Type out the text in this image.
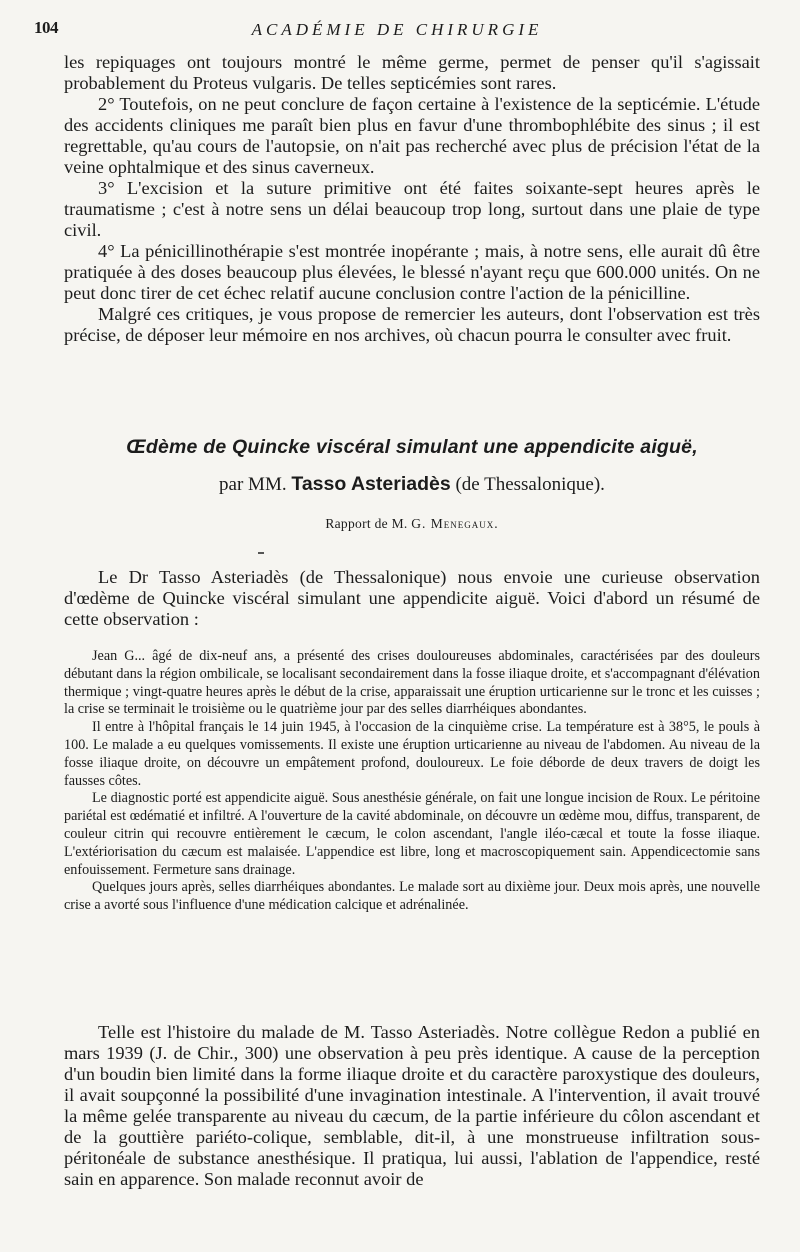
104	ACADÉMIE DE CHIRURGIE

les repiquages ont toujours montré le même germe, permet de penser qu'il s'agissait probablement du Proteus vulgaris. De telles septicémies sont rares.

2° Toutefois, on ne peut conclure de façon certaine à l'existence de la septicémie. L'étude des accidents cliniques me paraît bien plus en favur d'une thrombophlébite des sinus ; il est regrettable, qu'au cours de l'autopsie, on n'ait pas recherché avec plus de précision l'état de la veine ophtalmique et des sinus caverneux.

3° L'excision et la suture primitive ont été faites soixante-sept heures après le traumatisme ; c'est à notre sens un délai beaucoup trop long, surtout dans une plaie de type civil.

4° La pénicillinothérapie s'est montrée inopérante ; mais, à notre sens, elle aurait dû être pratiquée à des doses beaucoup plus élevées, le blessé n'ayant reçu que 600.000 unités. On ne peut donc tirer de cet échec relatif aucune conclusion contre l'action de la pénicilline.

Malgré ces critiques, je vous propose de remercier les auteurs, dont l'observation est très précise, de déposer leur mémoire en nos archives, où chacun pourra le consulter avec fruit.

Œdème de Quincke viscéral simulant une appendicite aiguë,
par MM. Tasso Asteriadès (de Thessalonique).
Rapport de M. G. Menegaux.

Le Dr Tasso Asteriadès (de Thessalonique) nous envoie une curieuse observation d'œdème de Quincke viscéral simulant une appendicite aiguë. Voici d'abord un résumé de cette observation :

Jean G... âgé de dix-neuf ans, a présenté des crises douloureuses abdominales, caractérisées par des douleurs débutant dans la région ombilicale, se localisant secondairement dans la fosse iliaque droite, et s'accompagnant d'élévation thermique ; vingt-quatre heures après le début de la crise, apparaissait une éruption urticarienne sur le tronc et les cuisses ; la crise se terminait le troisième ou le quatrième jour par des selles diarrhéiques abondantes.

Il entre à l'hôpital français le 14 juin 1945, à l'occasion de la cinquième crise. La température est à 38°5, le pouls à 100. Le malade a eu quelques vomissements. Il existe une éruption urticarienne au niveau de l'abdomen. Au niveau de la fosse iliaque droite, on découvre un empâtement profond, douloureux. Le foie déborde de deux travers de doigt les fausses côtes.

Le diagnostic porté est appendicite aiguë. Sous anesthésie générale, on fait une longue incision de Roux. Le péritoine pariétal est œdématié et infiltré. A l'ouverture de la cavité abdominale, on découvre un œdème mou, diffus, transparent, de couleur citrin qui recouvre entièrement le cæcum, le colon ascendant, l'angle iléo-cæcal et toute la fosse iliaque. L'extériorisation du cæcum est malaisée. L'appendice est libre, long et macroscopiquement sain. Appendicectomie sans enfouissement. Fermeture sans drainage.

Quelques jours après, selles diarrhéiques abondantes. Le malade sort au dixième jour. Deux mois après, une nouvelle crise a avorté sous l'influence d'une médication calcique et adrénalinée.

Telle est l'histoire du malade de M. Tasso Asteriadès. Notre collègue Redon a publié en mars 1939 (J. de Chir., 300) une observation à peu près identique. A cause de la perception d'un boudin bien limité dans la forme iliaque droite et du caractère paroxystique des douleurs, il avait soupçonné la possibilité d'une invagination intestinale. A l'intervention, il avait trouvé la même gelée transparente au niveau du cæcum, de la partie inférieure du côlon ascendant et de la gouttière pariéto-colique, semblable, dit-il, à une monstrueuse infiltration sous-péritonéale de substance anesthésique. Il pratiqua, lui aussi, l'ablation de l'appendice, resté sain en apparence. Son malade reconnut avoir de
